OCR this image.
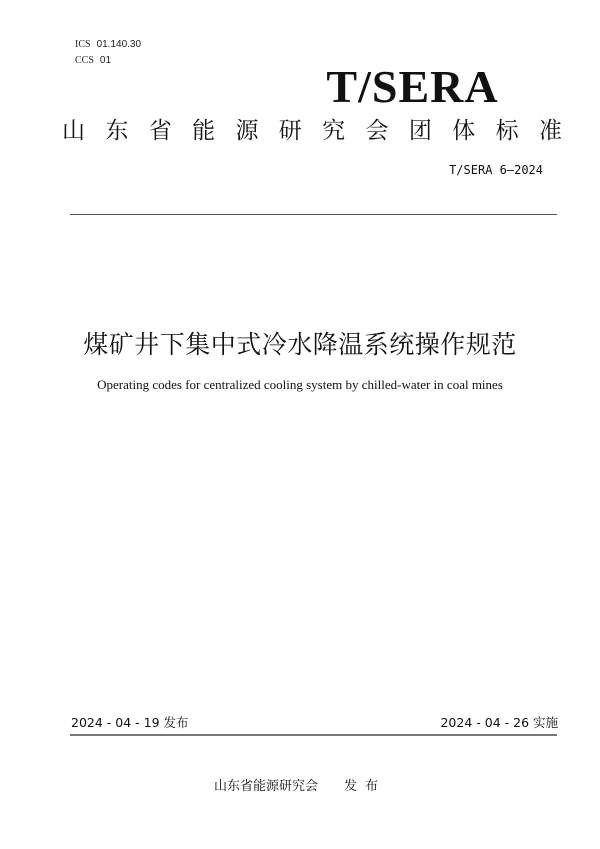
ICS 01.140.30

CCS 01

T/SERA
山 东 省 能 源 研 究 会 团 体 标 准
T/SERA 6—2024
煤矿井下集中式冷水降温系统操作规范
Operating codes for centralized cooling system by chilled-water in coal mines
2024 - 04 - 19 发布	2024 - 04 - 26 实施
山东省能源研究会 发布
